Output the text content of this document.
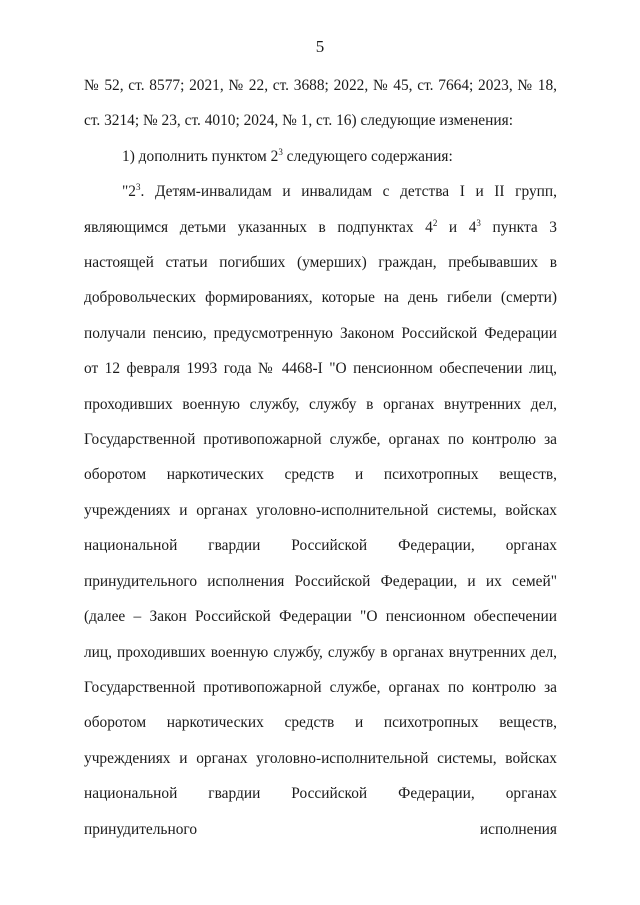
5

№ 52, ст. 8577; 2021, № 22, ст. 3688; 2022, № 45, ст. 7664; 2023, № 18, ст. 3214; № 23, ст. 4010; 2024, № 1, ст. 16) следующие изменения:

1) дополнить пунктом $2^3$ следующего содержания:

"$2^3$. Детям-инвалидам и инвалидам с детства I и II групп, являющимся детьми указанных в подпунктах $4^2$ и $4^3$ пункта 3 настоящей статьи погибших (умерших) граждан, пребывавших в добровольческих формированиях, которые на день гибели (смерти) получали пенсию, предусмотренную Законом Российской Федерации от 12 февраля 1993 года № 4468-I "О пенсионном обеспечении лиц, проходивших военную службу, службу в органах внутренних дел, Государственной противопожарной службе, органах по контролю за оборотом наркотических средств и психотропных веществ, учреждениях и органах уголовно-исполнительной системы, войсках национальной гвардии Российской Федерации, органах принудительного исполнения Российской Федерации, и их семей" (далее – Закон Российской Федерации "О пенсионном обеспечении лиц, проходивших военную службу, службу в органах внутренних дел, Государственной противопожарной службе, органах по контролю за оборотом наркотических средств и психотропных веществ, учреждениях и органах уголовно-исполнительной системы, войсках национальной гвардии Российской Федерации, органах принудительного исполнения
